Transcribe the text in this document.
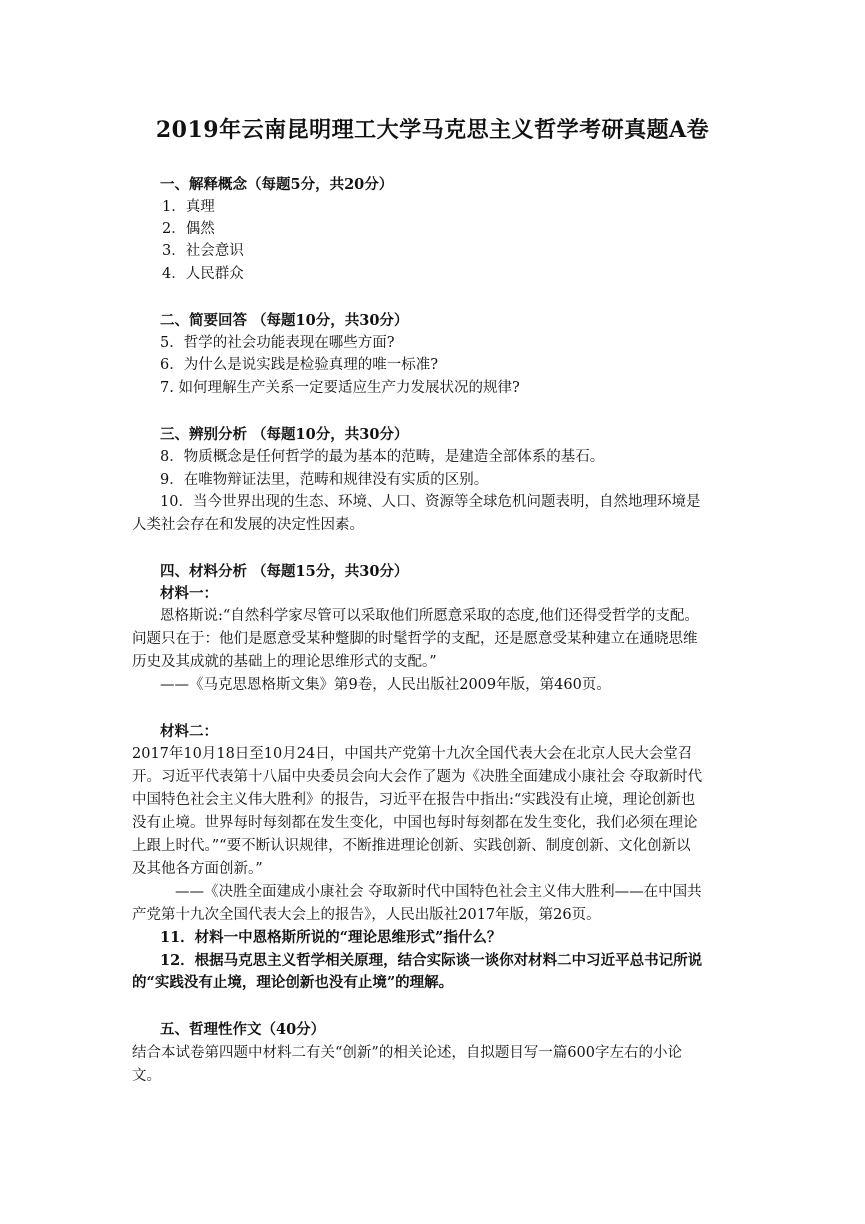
2019年云南昆明理工大学马克思主义哲学考研真题A卷
一、解释概念（每题5分，共20分）
1．真理
2．偶然
3．社会意识
4．人民群众
二、简要回答 （每题10分，共30分）
5．哲学的社会功能表现在哪些方面?
6．为什么是说实践是检验真理的唯一标准?
7. 如何理解生产关系一定要适应生产力发展状况的规律?
三、辨别分析 （每题10分，共30分）
8．物质概念是任何哲学的最为基本的范畴，是建造全部体系的基石。
9．在唯物辩证法里，范畴和规律没有实质的区别。
10．当今世界出现的生态、环境、人口、资源等全球危机问题表明，自然地理环境是
人类社会存在和发展的决定性因素。
四、材料分析 （每题15分，共30分）
材料一：
恩格斯说:“自然科学家尽管可以采取他们所愿意采取的态度,他们还得受哲学的支配。
问题只在于：他们是愿意受某种蹩脚的时髦哲学的支配，还是愿意受某种建立在通晓思维
历史及其成就的基础上的理论思维形式的支配。”
——《马克思恩格斯文集》第9卷，人民出版社2009年版，第460页。
材料二：
2017年10月18日至10月24日，中国共产党第十九次全国代表大会在北京人民大会堂召
开。习近平代表第十八届中央委员会向大会作了题为《决胜全面建成小康社会 夺取新时代
中国特色社会主义伟大胜利》的报告，习近平在报告中指出:“实践没有止境，理论创新也
没有止境。世界每时每刻都在发生变化，中国也每时每刻都在发生变化，我们必须在理论
上跟上时代。”“要不断认识规律，不断推进理论创新、实践创新、制度创新、文化创新以
及其他各方面创新。”
——《决胜全面建成小康社会 夺取新时代中国特色社会主义伟大胜利——在中国共
产党第十九次全国代表大会上的报告》，人民出版社2017年版，第26页。
11．材料一中恩格斯所说的“理论思维形式”指什么？
12．根据马克思主义哲学相关原理，结合实际谈一谈你对材料二中习近平总书记所说
的“实践没有止境，理论创新也没有止境”的理解。
五、哲理性作文（40分）
结合本试卷第四题中材料二有关“创新”的相关论述，自拟题目写一篇600字左右的小论
文。
